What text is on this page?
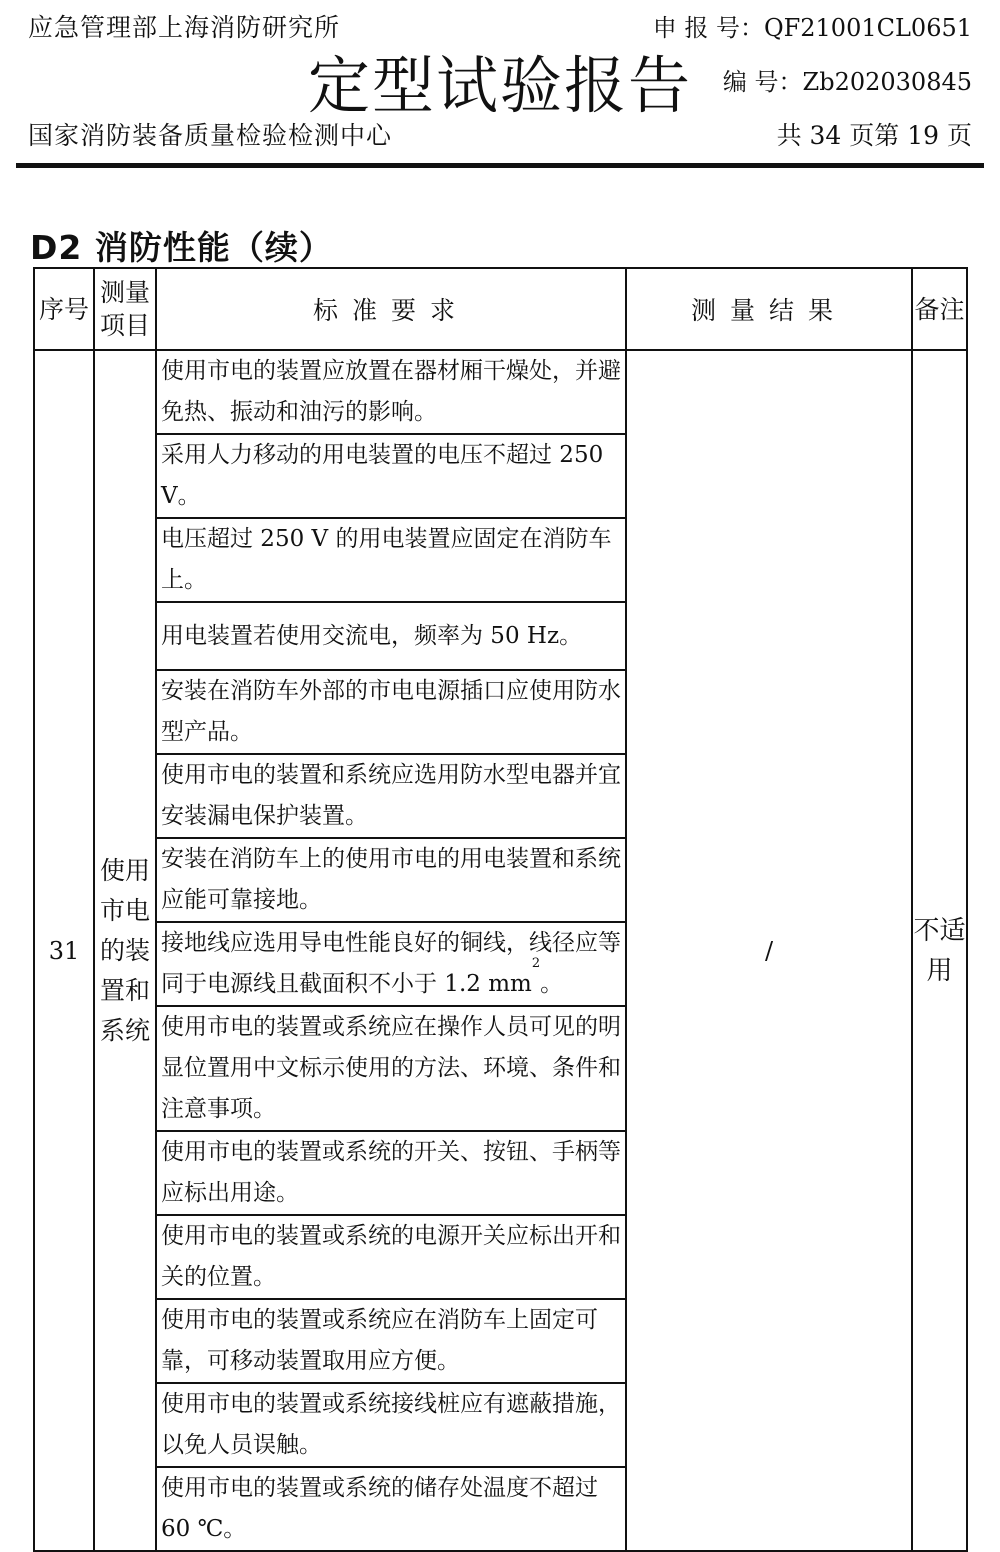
应急管理部上海消防研究所
定型试验报告
申 报 号：QF21001CL0651
编 号：Zb202030845
国家消防装备质量检验检测中心	共 34 页第 19 页
D2 消防性能（续）
序号	测量项目	标准要求	测量结果	备注
31	使用市电的装置和系统	使用市电的装置应放置在器材厢干燥处，并避免热、振动和油污的影响。	/	不适用
		采用人力移动的用电装置的电压不超过 250 V。		
		电压超过 250 V 的用电装置应固定在消防车上。		
		用电装置若使用交流电，频率为 50 Hz。		
		安装在消防车外部的市电电源插口应使用防水型产品。		
		使用市电的装置和系统应选用防水型电器并宜安装漏电保护装置。		
		安装在消防车上的使用市电的用电装置和系统应能可靠接地。		
		接地线应选用导电性能良好的铜线，线径应等同于电源线且截面积不小于 1.2 $mm^2$。		
		使用市电的装置或系统应在操作人员可见的明显位置用中文标示使用的方法、环境、条件和注意事项。		
		使用市电的装置或系统的开关、按钮、手柄等应标出用途。		
		使用市电的装置或系统的电源开关应标出开和关的位置。		
		使用市电的装置或系统应在消防车上固定可靠，可移动装置取用应方便。		
		使用市电的装置或系统接线桩应有遮蔽措施，以免人员误触。		
		使用市电的装置或系统的储存处温度不超过 60 ℃。		
